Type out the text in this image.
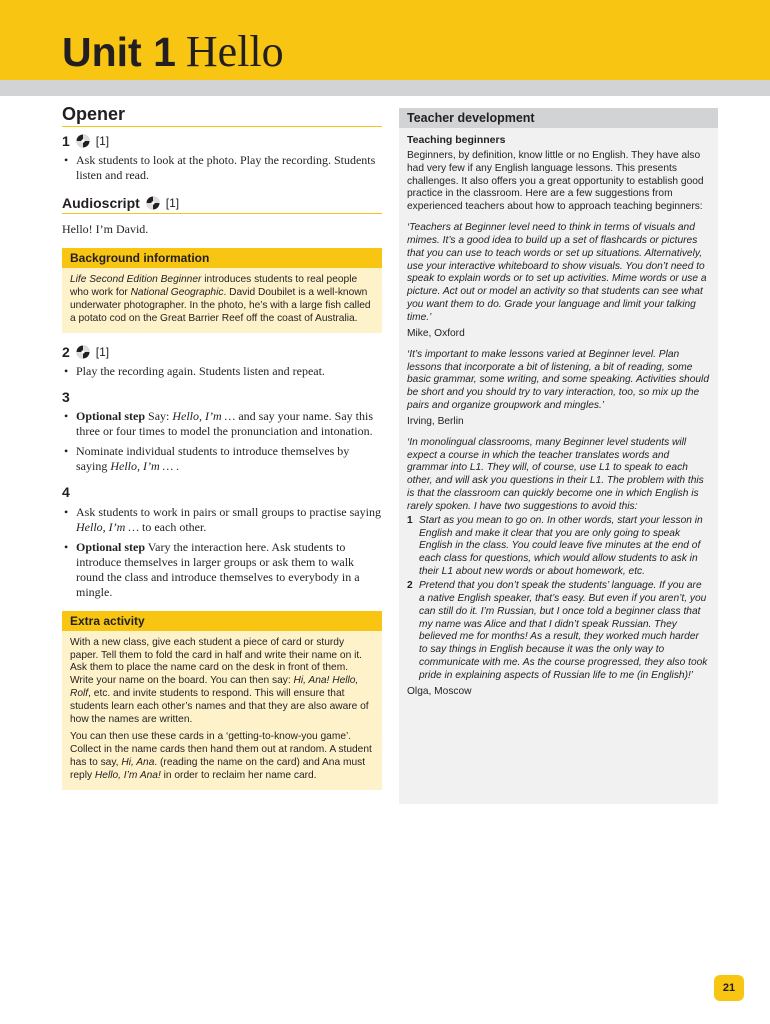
Unit 1 Hello
Opener
1 [1]
• Ask students to look at the photo. Play the recording. Students listen and read.
Audioscript [1]

Hello! I’m David.

Background information

Life Second Edition Beginner introduces students to real people who work for National Geographic. David Doubilet is a well-known underwater photographer. In the photo, he’s with a large fish called a potato cod on the Great Barrier Reef off the coast of Australia.

2 [1]
• Play the recording again. Students listen and repeat.
3
• Optional step Say: Hello, I’m … and say your name. Say this three or four times to model the pronunciation and intonation.
• Nominate individual students to introduce themselves by saying Hello, I’m … .
4
• Ask students to work in pairs or small groups to practise saying Hello, I’m … to each other.
• Optional step Vary the interaction here. Ask students to introduce themselves in larger groups or ask them to walk round the class and introduce themselves to everybody in a mingle.
Extra activity

With a new class, give each student a piece of card or sturdy paper. Tell them to fold the card in half and write their name on it. Ask them to place the name card on the desk in front of them. Write your name on the board. You can then say: Hi, Ana! Hello, Rolf, etc. and invite students to respond. This will ensure that students learn each other’s names and that they are also aware of how the names are written.

You can then use these cards in a ‘getting-to-know-you game’. Collect in the name cards then hand them out at random. A student has to say, Hi, Ana. (reading the name on the card) and Ana must reply Hello, I’m Ana! in order to reclaim her name card.

Teacher development

Teaching beginners

Beginners, by definition, know little or no English. They have also had very few if any English language lessons. This presents challenges. It also offers you a great opportunity to establish good practice in the classroom. Here are a few suggestions from experienced teachers about how to approach teaching beginners:

‘Teachers at Beginner level need to think in terms of visuals and mimes. It’s a good idea to build up a set of flashcards or pictures that you can use to teach words or set up situations. Alternatively, use your interactive whiteboard to show visuals. You don’t need to speak to explain words or to set up activities. Mime words or use a picture. Act out or model an activity so that students can see what you want them to do. Grade your language and limit your talking time.’

Mike, Oxford

‘It’s important to make lessons varied at Beginner level. Plan lessons that incorporate a bit of listening, a bit of reading, some basic grammar, some writing, and some speaking. Activities should be short and you should try to vary interaction, too, so mix up the pairs and organize groupwork and mingles.’

Irving, Berlin

‘In monolingual classrooms, many Beginner level students will expect a course in which the teacher translates words and grammar into L1. They will, of course, use L1 to speak to each other, and will ask you questions in their L1. The problem with this is that the classroom can quickly become one in which English is rarely spoken. I have two suggestions to avoid this:

1 Start as you mean to go on. In other words, start your lesson in English and make it clear that you are only going to speak English in the class. You could leave five minutes at the end of each class for questions, which would allow students to ask in their L1 about new words or about homework, etc.
2 Pretend that you don’t speak the students’ language. If you are a native English speaker, that’s easy. But even if you aren’t, you can still do it. I’m Russian, but I once told a beginner class that my name was Alice and that I didn’t speak Russian. They believed me for months! As a result, they worked much harder to say things in English because it was the only way to communicate with me. As the course progressed, they also took pride in explaining aspects of Russian life to me (in English)!’

Olga, Moscow

21
